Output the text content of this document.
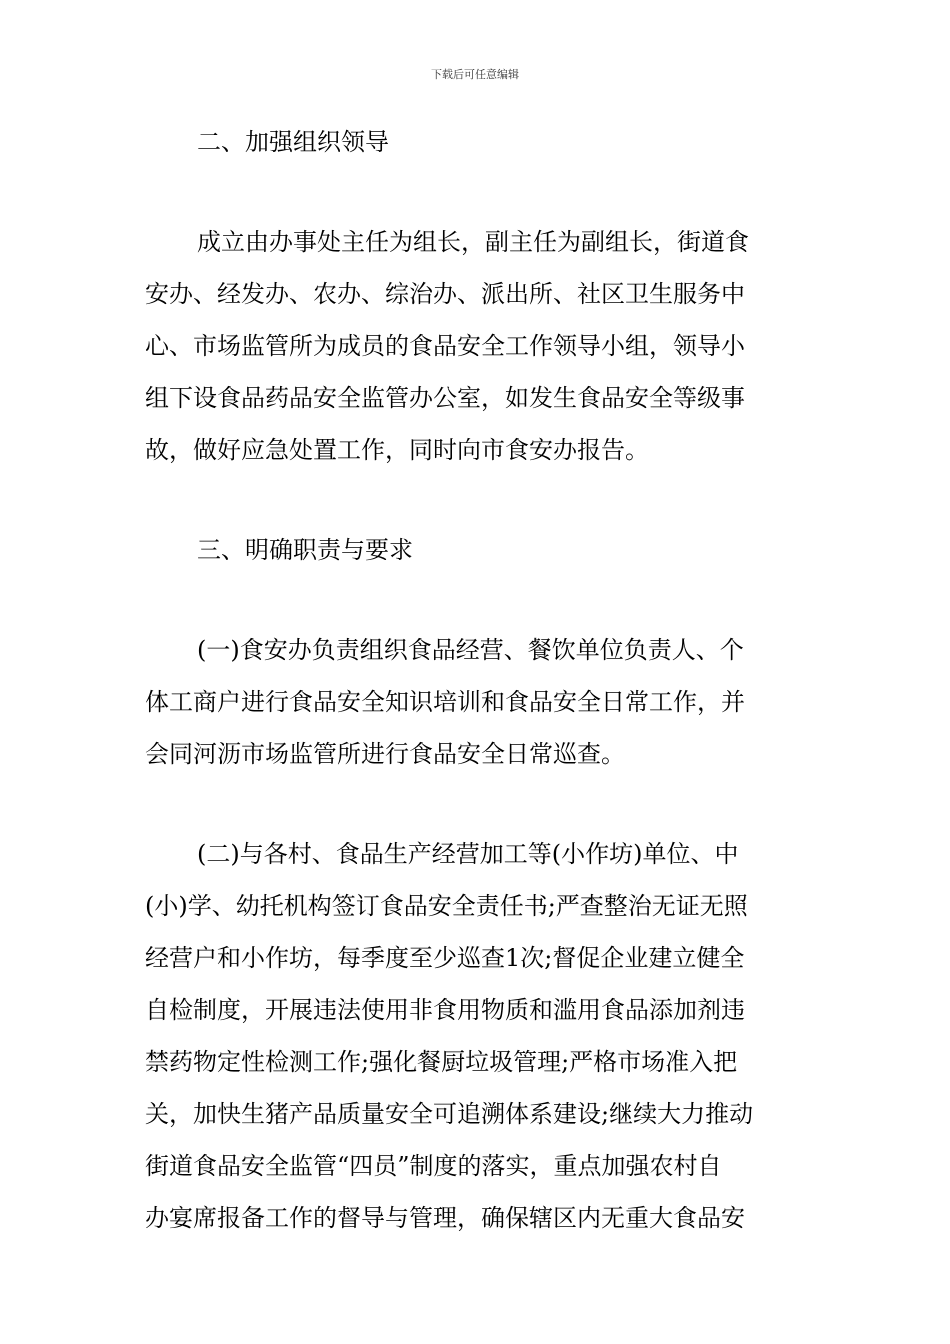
下载后可任意编辑
二、加强组织领导
成立由办事处主任为组长，副主任为副组长，街道食
安办、经发办、农办、综治办、派出所、社区卫生服务中
心、市场监管所为成员的食品安全工作领导小组，领导小
组下设食品药品安全监管办公室，如发生食品安全等级事
故，做好应急处置工作，同时向市食安办报告。
三、明确职责与要求
(一)食安办负责组织食品经营、餐饮单位负责人、个
体工商户进行食品安全知识培训和食品安全日常工作，并
会同河沥市场监管所进行食品安全日常巡查。
(二)与各村、食品生产经营加工等(小作坊)单位、中
(小)学、幼托机构签订食品安全责任书;严查整治无证无照
经营户和小作坊，每季度至少巡查1次;督促企业建立健全
自检制度，开展违法使用非食用物质和滥用食品添加剂违
禁药物定性检测工作;强化餐厨垃圾管理;严格市场准入把
关，加快生猪产品质量安全可追溯体系建设;继续大力推动
街道食品安全监管“四员”制度的落实，重点加强农村自
办宴席报备工作的督导与管理，确保辖区内无重大食品安
